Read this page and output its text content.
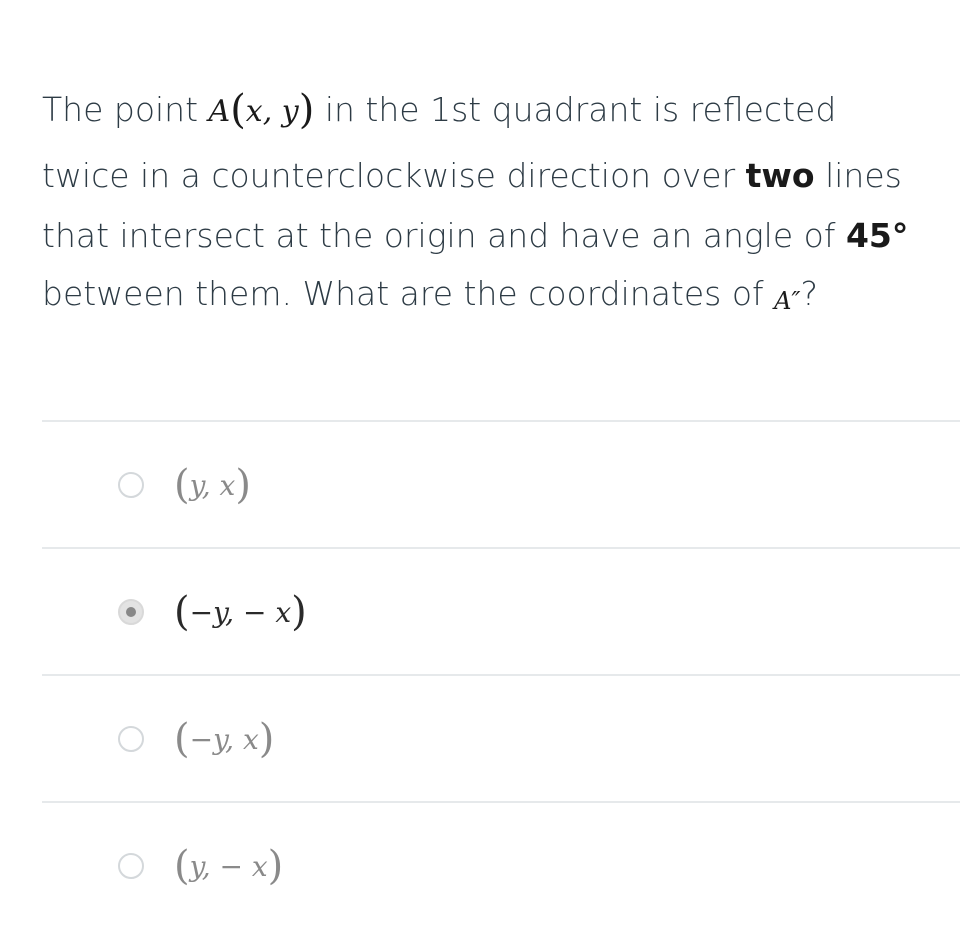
The point A(x, y) in the 1st quadrant is reflected
twice in a counterclockwise direction over two lines
that intersect at the origin and have an angle of 45°
between them. What are the coordinates of A″?
(y, x)
(−y, − x)
(−y, x)
(y, − x)
